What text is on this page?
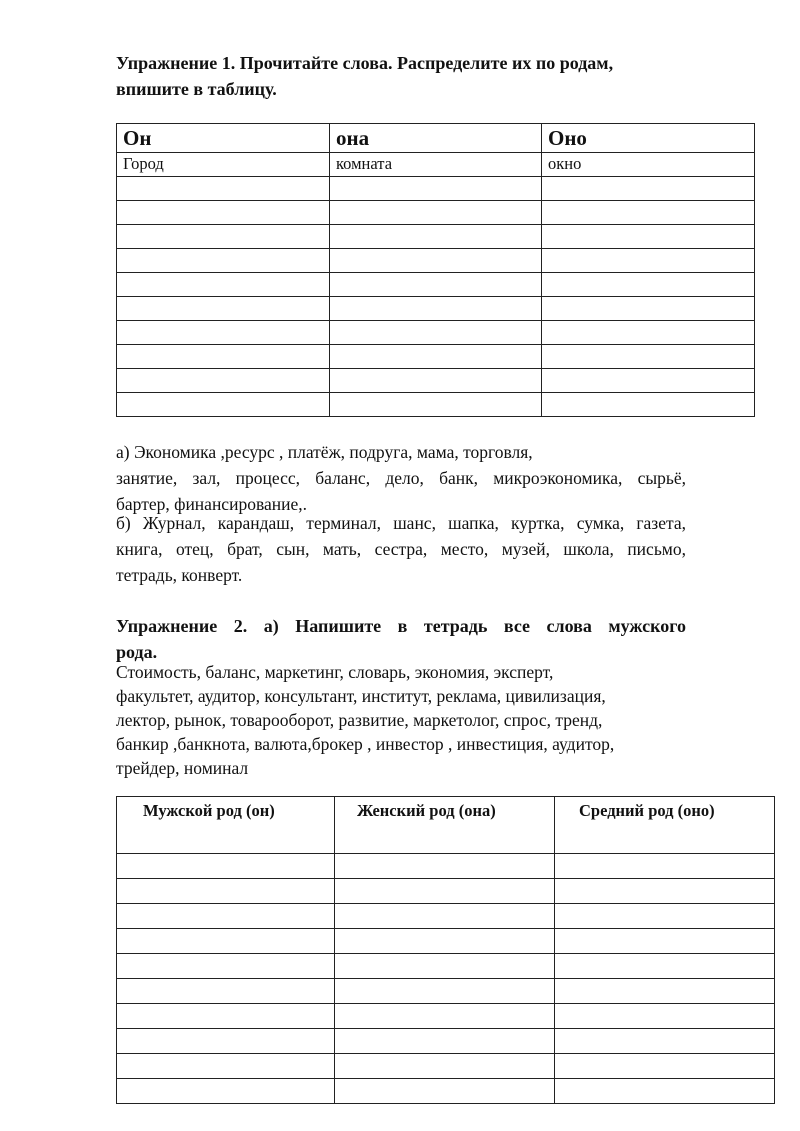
Упражнение 1. Прочитайте слова. Распределите их по родам,
впишите в таблицу.
Он	она	Оно
Город	комната	окно

а) Экономика ,ресурс , платёж, подруга, мама, торговля,
занятие, зал, процесс, баланс, дело, банк, микроэкономика, сырьё,
бартер, финансирование,.
б) Журнал, карандаш, терминал, шанс, шапка, куртка, сумка, газета,
книга, отец, брат, сын, мать, сестра, место, музей, школа, письмо,
тетрадь, конверт.
Упражнение 2. а) Напишите в тетрадь все слова мужского
рода.
Стоимость, баланс, маркетинг, словарь, экономия, эксперт,
факультет, аудитор, консультант, институт, реклама, цивилизация,
лектор, рынок, товарооборот, развитие, маркетолог, спрос, тренд,
банкир ,банкнота, валюта,брокер , инвестор , инвестиция, аудитор,
трейдер, номинал
Мужской род (он)	Женский род (она)	Средний род (оно)
